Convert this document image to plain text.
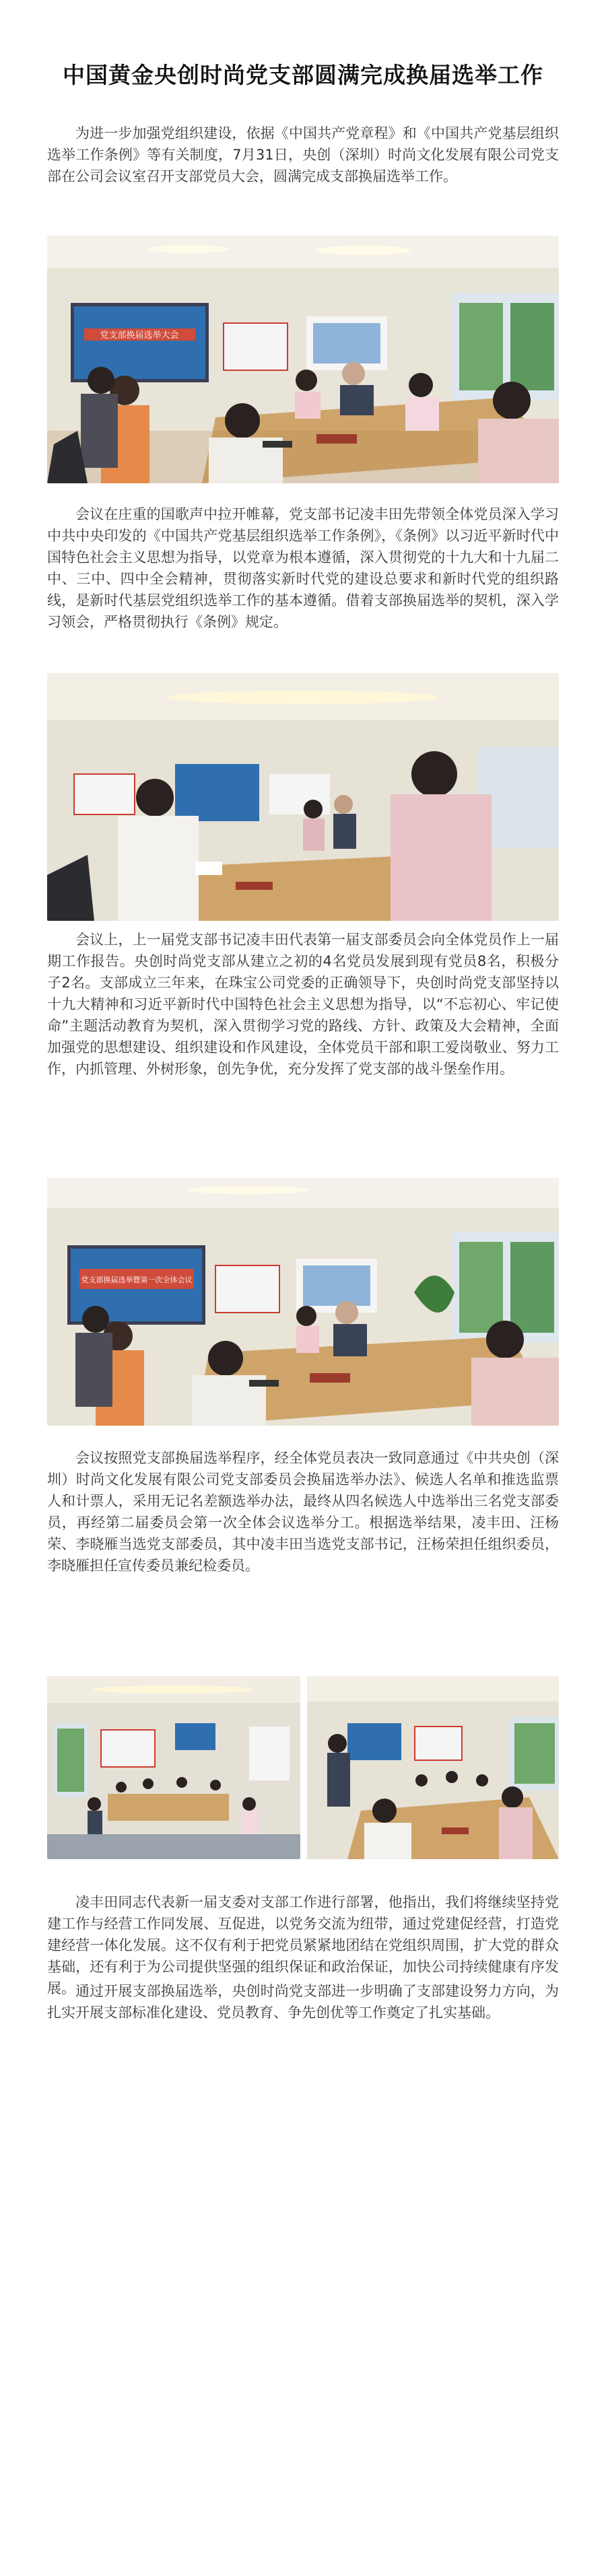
中国黄金央创时尚党支部圆满完成换届选举工作

为进一步加强党组织建设，依据《中国共产党章程》和《中国共产党基层组织选举工作条例》等有关制度，7月31日，央创（深圳）时尚文化发展有限公司党支部在公司会议室召开支部党员大会，圆满完成支部换届选举工作。

党支部换届选举大会

会议在庄重的国歌声中拉开帷幕，党支部书记凌丰田先带领全体党员深入学习中共中央印发的《中国共产党基层组织选举工作条例》，《条例》以习近平新时代中国特色社会主义思想为指导，以党章为根本遵循，深入贯彻党的十九大和十九届二中、三中、四中全会精神，贯彻落实新时代党的建设总要求和新时代党的组织路线，是新时代基层党组织选举工作的基本遵循。借着支部换届选举的契机，深入学习领会，严格贯彻执行《条例》规定。

会议上，上一届党支部书记凌丰田代表第一届支部委员会向全体党员作上一届期工作报告。央创时尚党支部从建立之初的4名党员发展到现有党员8名，积极分子2名。支部成立三年来，在珠宝公司党委的正确领导下，央创时尚党支部坚持以十九大精神和习近平新时代中国特色社会主义思想为指导，以“不忘初心、牢记使命”主题活动教育为契机，深入贯彻学习党的路线、方针、政策及大会精神，全面加强党的思想建设、组织建设和作风建设，全体党员干部和职工爱岗敬业、努力工作，内抓管理、外树形象，创先争优，充分发挥了党支部的战斗堡垒作用。

党支部换届选举暨第一次全体会议

会议按照党支部换届选举程序，经全体党员表决一致同意通过《中共央创（深圳）时尚文化发展有限公司党支部委员会换届选举办法》、候选人名单和推选监票人和计票人，采用无记名差额选举办法，最终从四名候选人中选举出三名党支部委员，再经第二届委员会第一次全体会议选举分工。根据选举结果，凌丰田、汪杨荣、李晓雁当选党支部委员，其中凌丰田当选党支部书记，汪杨荣担任组织委员，李晓雁担任宣传委员兼纪检委员。

凌丰田同志代表新一届支委对支部工作进行部署，他指出，我们将继续坚持党建工作与经营工作同发展、互促进，以党务交流为纽带，通过党建促经营，打造党建经营一体化发展。这不仅有利于把党员紧紧地团结在党组织周围，扩大党的群众基础，还有利于为公司提供坚强的组织保证和政治保证，加快公司持续健康有序发展。 通过开展支部换届选举，央创时尚党支部进一步明确了支部建设努力方向，为扎实开展支部标准化建设、党员教育、争先创优等工作奠定了扎实基础。
